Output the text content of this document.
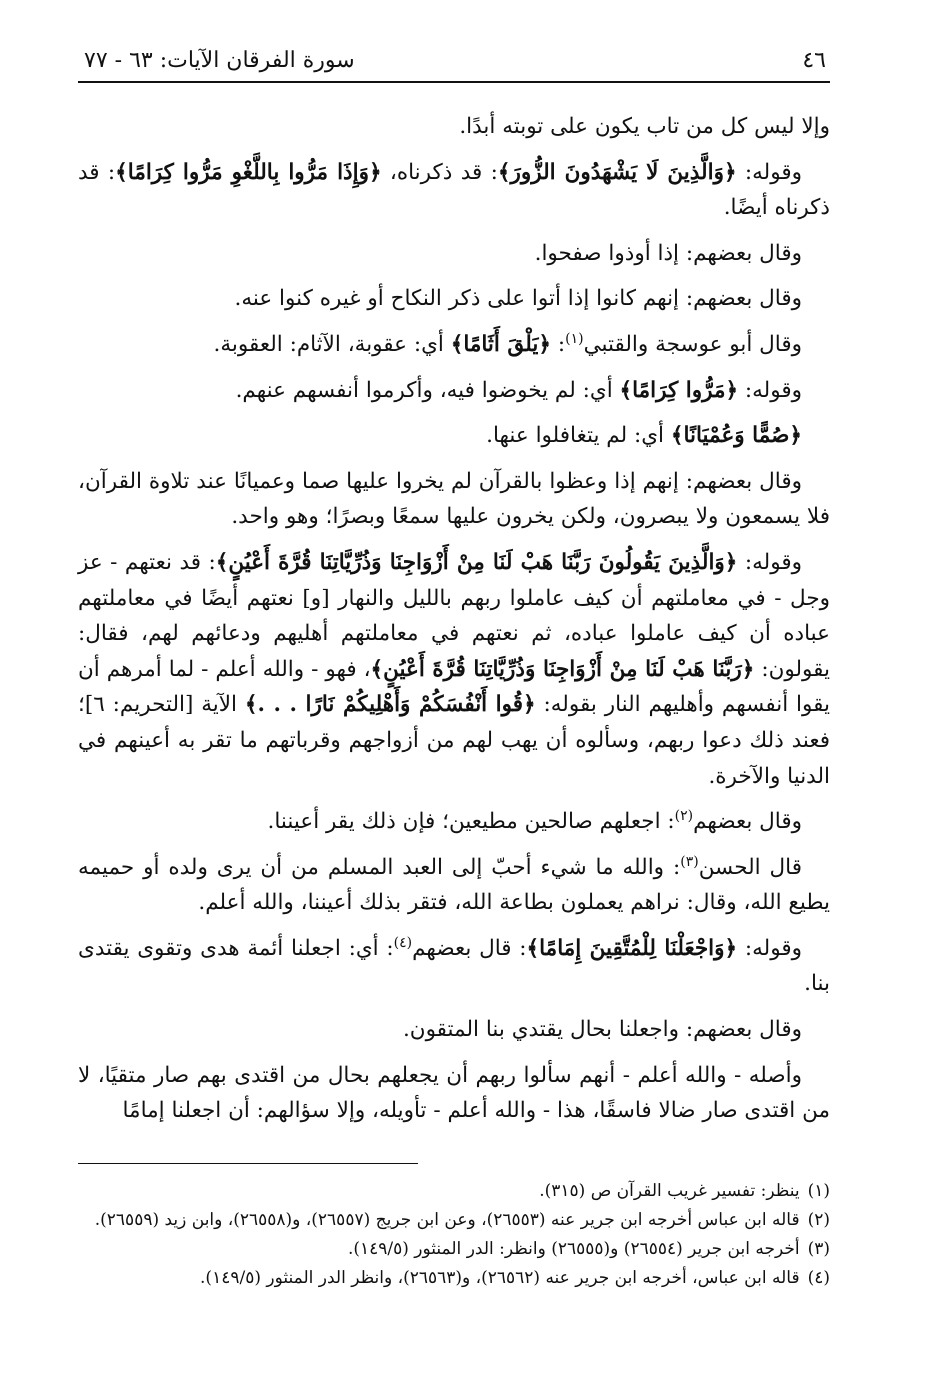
٤٦
سورة الفرقان الآيات: ٦٣ - ٧٧

وإلا ليس كل من تاب يكون على توبته أبدًا.

وقوله: ﴿وَالَّذِينَ لَا يَشْهَدُونَ الزُّورَ﴾: قد ذكرناه، ﴿وَإِذَا مَرُّوا بِاللَّغْوِ مَرُّوا كِرَامًا﴾: قد ذكرناه أيضًا.

وقال بعضهم: إذا أوذوا صفحوا.

وقال بعضهم: إنهم كانوا إذا أتوا على ذكر النكاح أو غيره كنوا عنه.

وقال أبو عوسجة والقتبي$^{(١)}$: ﴿يَلْقَ أَثَامًا﴾ أي: عقوبة، الآثام: العقوبة.

وقوله: ﴿مَرُّوا كِرَامًا﴾ أي: لم يخوضوا فيه، وأكرموا أنفسهم عنهم.

﴿صُمًّا وَعُمْيَانًا﴾ أي: لم يتغافلوا عنها.

وقال بعضهم: إنهم إذا وعظوا بالقرآن لم يخروا عليها صما وعميانًا عند تلاوة القرآن، فلا يسمعون ولا يبصرون، ولكن يخرون عليها سمعًا وبصرًا؛ وهو واحد.

وقوله: ﴿وَالَّذِينَ يَقُولُونَ رَبَّنَا هَبْ لَنَا مِنْ أَزْوَاجِنَا وَذُرِّيَّاتِنَا قُرَّةَ أَعْيُنٍ﴾: قد نعتهم - عز وجل - في معاملتهم أن كيف عاملوا ربهم بالليل والنهار [و] نعتهم أيضًا في معاملتهم عباده أن كيف عاملوا عباده، ثم نعتهم في معاملتهم أهليهم ودعائهم لهم، فقال: يقولون: ﴿رَبَّنَا هَبْ لَنَا مِنْ أَزْوَاجِنَا وَذُرِّيَّاتِنَا قُرَّةَ أَعْيُنٍ﴾، فهو - والله أعلم - لما أمرهم أن يقوا أنفسهم وأهليهم النار بقوله: ﴿قُوا أَنْفُسَكُمْ وَأَهْلِيكُمْ نَارًا . . .﴾ الآية [التحريم: ٦]؛ فعند ذلك دعوا ربهم، وسألوه أن يهب لهم من أزواجهم وقرباتهم ما تقر به أعينهم في الدنيا والآخرة.

وقال بعضهم$^{(٢)}$: اجعلهم صالحين مطيعين؛ فإن ذلك يقر أعيننا.

قال الحسن$^{(٣)}$: والله ما شيء أحبّ إلى العبد المسلم من أن يرى ولده أو حميمه يطيع الله، وقال: نراهم يعملون بطاعة الله، فتقر بذلك أعيننا، والله أعلم.

وقوله: ﴿وَاجْعَلْنَا لِلْمُتَّقِينَ إِمَامًا﴾: قال بعضهم$^{(٤)}$: أي: اجعلنا أئمة هدى وتقوى يقتدى بنا.

وقال بعضهم: واجعلنا بحال يقتدي بنا المتقون.

وأصله - والله أعلم - أنهم سألوا ربهم أن يجعلهم بحال من اقتدى بهم صار متقيًا، لا من اقتدى صار ضالا فاسقًا، هذا - والله أعلم - تأويله، وإلا سؤالهم: أن اجعلنا إمامًا

(١)
ينظر: تفسير غريب القرآن ص (٣١٥).
(٢)
قاله ابن عباس أخرجه ابن جرير عنه (٢٦٥٥٣)، وعن ابن جريج (٢٦٥٥٧)، و(٢٦٥٥٨)، وابن زيد (٢٦٥٥٩).
(٣)
أخرجه ابن جرير (٢٦٥٥٤) و(٢٦٥٥٥) وانظر: الدر المنثور (١٤٩/٥).
(٤)
قاله ابن عباس، أخرجه ابن جرير عنه (٢٦٥٦٢)، و(٢٦٥٦٣)، وانظر الدر المنثور (١٤٩/٥).
